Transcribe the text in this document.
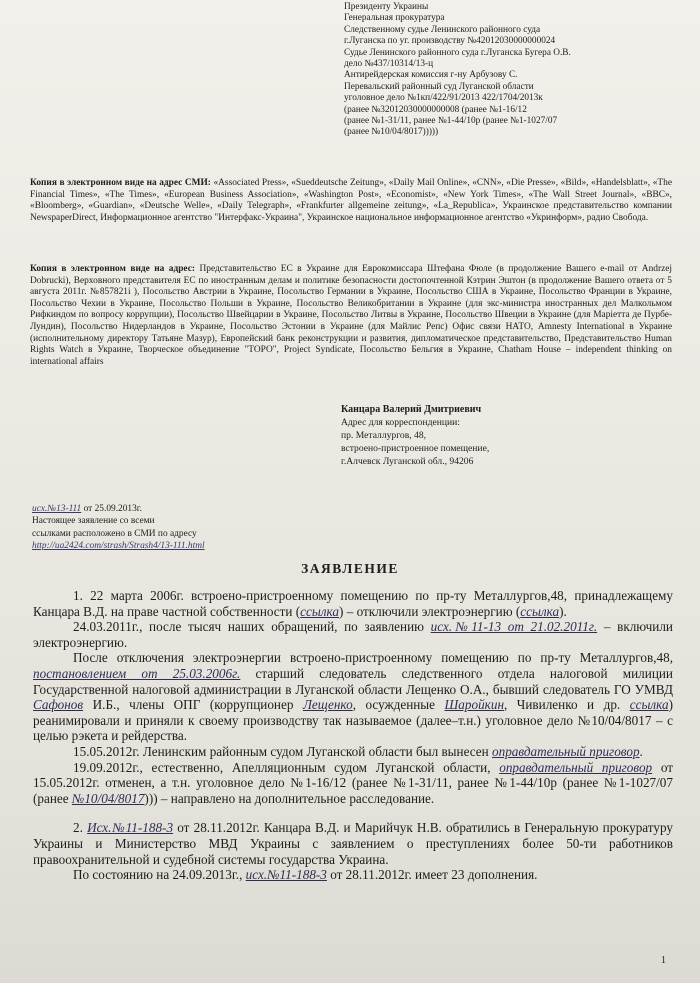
Президенту Украины
Генеральная прокуратура
Следственному судье Ленинского районного суда
г.Луганска по уг. производству №42012030000000024
Судье Ленинского районного суда г.Луганска Бугера О.В.
дело №437/10314/13-ц
Антирейдерская комиссия г-ну Арбузову С.
Перевальский районный суд Луганской области
уголовное дело №1кп/422/91/2013 422/1704/2013к
(ранее №32012030000000008 (ранее №1-16/12
(ранее №1-31/11, ранее №1-44/10р (ранее №1-1027/07
(ранее №10/04/8017)))))
Копия в электронном виде на адрес СМИ: «Associated Press», «Sueddeutsche Zeitung», «Daily Mail Online», «CNN», «Die Presse», «Bild», «Handelsblatt», «The Financial Times», «The Times», «European Business Association», «Washington Post», «Economist», «New York Times», «The Wall Street Journal», «BBC», «Bloomberg», «Guardian», «Deutsche Welle», «Daily Telegraph», «Frankfurter allgemeine zeitung», «La_Republica», Украинское представительство компании NewspaperDirect, Информационное агентство "Интерфакс-Украина", Украинское национальное информационное агентство «Укринформ», радио Свобода.
Копия в электронном виде на адрес: Представительство ЕС в Украине для Еврокомиссара Штефана Фюле (в продолжение Вашего e-mail от Andrzej Dobrucki), Верховного представителя ЕС по иностранным делам и политике безопасности достопочтенной Кэтрин Эштон (в продолжение Вашего ответа от 5 августа 2011г. №857821i ), Посольство Австрии в Украине, Посольство Германии в Украине, Посольство США в Украине, Посольство Франции в Украине, Посольство Чехии в Украине, Посольство Польши в Украине, Посольство Великобритании в Украине (для экс-министра иностранных дел Малкольмом Рифкиндом по вопросу коррупции), Посольство Швейцарии в Украине, Посольство Литвы в Украине, Посольство Швеции в Украине (для Марiетта де Пурбе-Лундин), Посольство Нидерландов в Украине, Посольство Эстонии в Украине (для Майлис Репс) Офис связи НАТО, Amnesty International в Украине (исполнительному директору Татьяне Мазур), Европейский банк реконструкции и развития, дипломатическое представительство, Представительство Human Rights Watch в Украине, Творческое объединение "ТОРО", Project Syndicate, Посольство Бельгия в Украине, Chatham House – independent thinking on international affairs
Канцара Валерий Дмитриевич
Адрес для корреспонденции:
пр. Металлургов, 48,
встроено-пристроенное помещение,
г.Алчевск Луганской обл., 94206
исх.№13-111 от 25.09.2013г.
Настоящее заявление со всеми
ссылками расположено в СМИ по адресу
http://ua2424.com/strash/Strash4/13-111.html
ЗАЯВЛЕНИЕ

1. 22 марта 2006г. встроено-пристроенному помещению по пр-ту Металлургов,48, принадлежащему Канцара В.Д. на праве частной собственности (ссылка) – отключили электроэнергию (ссылка).

24.03.2011г., после тысяч наших обращений, по заявлению исх.№11-13 от 21.02.2011г. – включили электроэнергию.

После отключения электроэнергии встроено-пристроенному помещению по пр-ту Металлургов,48, постановлением от 25.03.2006г. старший следователь следственного отдела налоговой милиции Государственной налоговой администрации в Луганской области Лещенко О.А., бывший следователь ГО УМВД Сафонов И.Б., члены ОПГ (коррупционер Лещенко, осужденные Шаройкин, Чивиленко и др. ссылка) реанимировали и приняли к своему производству так называемое (далее–т.н.) уголовное дело №10/04/8017 – с целью рэкета и рейдерства.

15.05.2012г. Ленинским районным судом Луганской области был вынесен оправдательный приговор.

19.09.2012г., естественно, Апелляционным судом Луганской области, оправдательный приговор от 15.05.2012г. отменен, а т.н. уголовное дело №1-16/12 (ранее №1-31/11, ранее №1-44/10р (ранее №1-1027/07 (ранее №10/04/8017))) – направлено на дополнительное расследование.

2. Исх.№11-188-3 от 28.11.2012г. Канцара В.Д. и Марийчук Н.В. обратились в Генеральную прокуратуру Украины и Министерство МВД Украины с заявлением о преступлениях более 50-ти работников правоохранительной и судебной системы государства Украина.

По состоянию на 24.09.2013г., исх.№11-188-3 от 28.11.2012г. имеет 23 дополнения.

1
